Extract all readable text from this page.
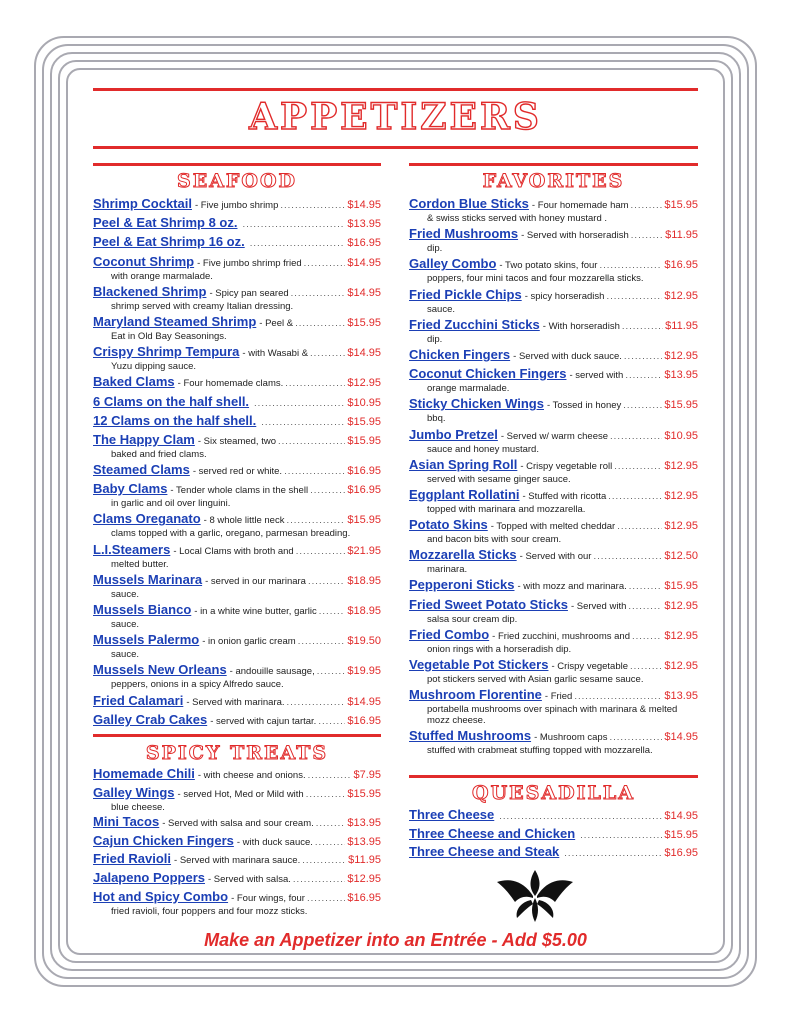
APPETIZERS
SEAFOOD
Shrimp Cocktail - Five jumbo shrimp .....	$14.95
Peel & Eat Shrimp 8 oz. .....	$13.95
Peel & Eat Shrimp 16 oz. .....	$16.95
Coconut Shrimp - Five jumbo shrimp fried .....	$14.95
with orange marmalade.
Blackened Shrimp - Spicy pan seared .....	$14.95
shrimp served with creamy Italian dressing.
Maryland Steamed Shrimp - Peel & .....	$15.95
Eat in Old Bay Seasonings.
Crispy Shrimp Tempura - with Wasabi & .....	$14.95
Yuzu dipping sauce.
Baked Clams - Four homemade clams. .....	$12.95
6 Clams on the half shell. .....	$10.95
12 Clams on the half shell. .....	$15.95
The Happy Clam - Six steamed, two .....	$15.95
baked and fried clams.
Steamed Clams - served red or white. .....	$16.95
Baby Clams - Tender whole clams in the shell .....	$16.95
in garlic and oil over linguini.
Clams Oreganato - 8 whole little neck .....	$15.95
clams topped with a garlic, oregano, parmesan breading.
L.I.Steamers - Local Clams with broth and .....	$21.95
melted butter.
Mussels Marinara - served in our marinara .....	$18.95
sauce.
Mussels Bianco - in a white wine butter, garlic .....	$18.95
sauce.
Mussels Palermo - in onion garlic cream .....	$19.50
sauce.
Mussels New Orleans - andouille sausage, .....	$19.95
peppers, onions in a spicy Alfredo sauce.
Fried Calamari - Served with marinara. .....	$14.95
Galley Crab Cakes - served with cajun tartar. .....	$16.95
SPICY TREATS
Homemade Chili - with cheese and onions. .....	$7.95
Galley Wings - served Hot, Med or Mild with .....	$15.95
blue cheese.
Mini Tacos - Served with salsa and sour cream. .....	$13.95
Cajun Chicken Fingers - with duck sauce. .....	$13.95
Fried Ravioli - Served with marinara sauce. .....	$11.95
Jalapeno Poppers - Served with salsa. .....	$12.95
Hot and Spicy Combo - Four wings, four .....	$16.95
fried ravioli, four poppers and four mozz sticks.
FAVORITES
Cordon Blue Sticks - Four homemade ham .....	$15.95
& swiss sticks served with honey mustard .
Fried Mushrooms - Served with horseradish .....	$11.95
dip.
Galley Combo - Two potato skins, four .....	$16.95
poppers, four mini tacos and four mozzarella sticks.
Fried Pickle Chips - spicy horseradish .....	$12.95
sauce.
Fried Zucchini Sticks - With horseradish .....	$11.95
dip.
Chicken Fingers - Served with duck sauce. .....	$12.95
Coconut Chicken Fingers - served with .....	$13.95
orange marmalade.
Sticky Chicken Wings - Tossed in honey .....	$15.95
bbq.
Jumbo Pretzel - Served w/ warm cheese .....	$10.95
sauce and honey mustard.
Asian Spring Roll - Crispy vegetable roll .....	$12.95
served with sesame ginger sauce.
Eggplant Rollatini - Stuffed with ricotta .....	$12.95
topped with marinara and mozzarella.
Potato Skins - Topped with melted cheddar .....	$12.95
and bacon bits with sour cream.
Mozzarella Sticks - Served with our .....	$12.50
marinara.
Pepperoni Sticks - with mozz and marinara. .....	$15.95
Fried Sweet Potato Sticks - Served with .....	$12.95
salsa sour cream dip.
Fried Combo - Fried zucchini, mushrooms and .....	$12.95
onion rings with a horseradish dip.
Vegetable Pot Stickers - Crispy vegetable .....	$12.95
pot stickers served with Asian garlic sesame sauce.
Mushroom Florentine - Fried .....	$13.95
portabella mushrooms over spinach with marinara & melted mozz cheese.
Stuffed Mushrooms - Mushroom caps .....	$14.95
stuffed with crabmeat stuffing topped with mozzarella.
QUESADILLA
Three Cheese .....	$14.95
Three Cheese and Chicken .....	$15.95
Three Cheese and Steak .....	$16.95
Make an Appetizer into an Entrée - Add $5.00
